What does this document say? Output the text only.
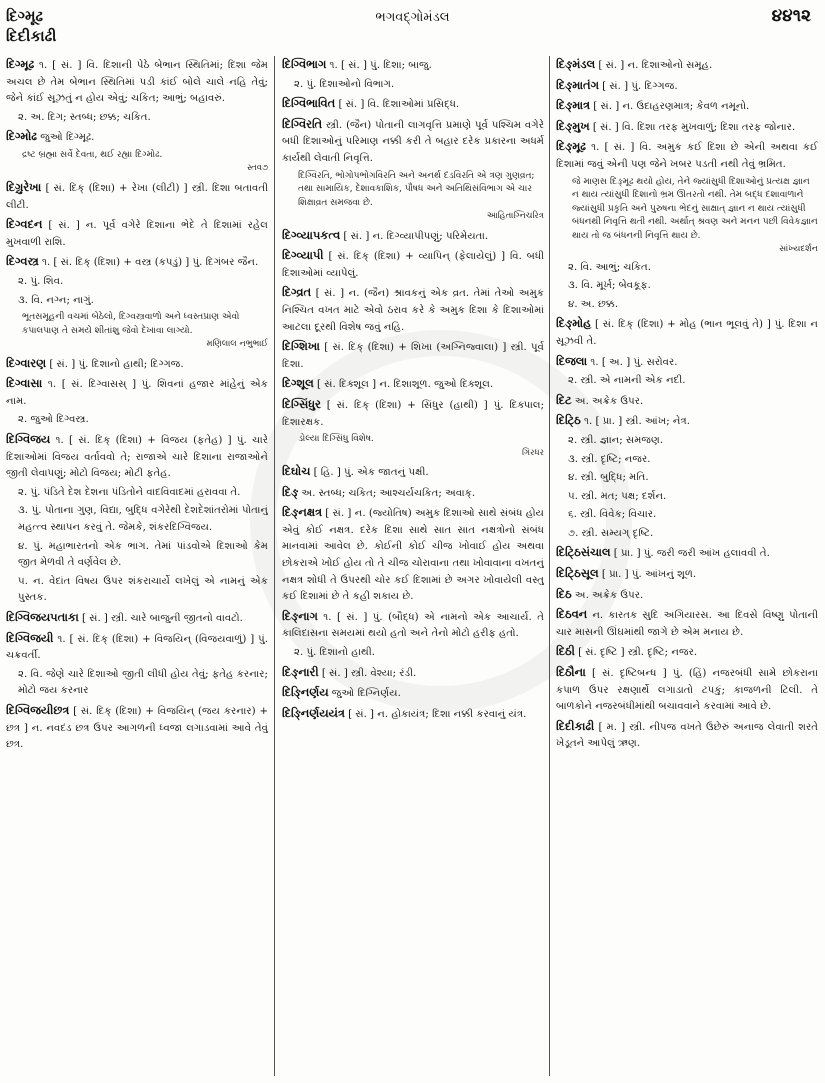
દિગ્મૂઢ
દિદીકાઢી
ભગવદ્ગોમંડલ	૪૪૧૨
દિગ્મૂઢ ૧. [ સં. ] વિ. દિશાની પેઠે બેભાન સ્થિતિમાં; દિશા જેમ અચલ છે તેમ બેભાન સ્થિતિમાં પડી કાંઈ બોલે ચાલે નહિ તેવું; જેને કાંઈ સૂઝતું ન હોય એવું; ચકિત; આભું; બહાવરું.
૨. અ. દિગ; સ્તબ્ધ; છક્ક; ચકિત.
દિગ્મોઢ જુઓ દિગ્મૂઢ.
દ્રષ્ટ બ્રહ્મા સર્વે દેવતા, થઈ રહ્યા દિગ્મોઢ.
સ્તવ૭
દિગ્રુરેખા [ સં. દિક્ (દિશા) + રેખા (લીટી) ] સ્ત્રી. દિશા બતાવતી લીટી.
દિગ્વદન [ સં. ] ન. પૂર્વ વગેરે દિશાના ભેદે તે દિશામાં રહેલ મુખવાળી રાશિ.
દિગ્વસ્ત્ર ૧. [ સં. દિક્ (દિશા) + વસ્ત્ર (કપડું) ] પું. દિગંબર જૈન.
૨. પું. શિવ.
૩. વિ. નગ્ન; નાગું.
ભૂતસમૂહની વચમાં બેઠેલો, દિગ્વસ્ત્રવાળો અને ધ્વસ્તપ્રાણ એવો કપાલપાણ તે સમયે શીતાંશુ જેવો દેખાવા લાગ્યો.
મણિલાલ નભુભાઈ
દિગ્વારણ [ સં. ] પું. દિશાનો હાથી; દિગ્ગજ.
દિગ્વાસા ૧. [ સં. દિગ્વાસસ્ ] પું. શિવનાં હજાર માંહેનું એક નામ.
૨. જુઓ દિગ્વસ્ત્ર.
દિગ્વિજય ૧. [ સં. દિક્ (દિશા) + વિજય (ફતેહ) ] પું. ચારે દિશાઓમાં વિજય વર્તાવવો તે; રાજાએ ચારે દિશાના રાજાઓને જીતી લેવાપણું; મોટો વિજય; મોટી ફતેહ.
૨. પું. પંડિતે દેશ દેશના પંડિતોને વાદવિવાદમાં હરાવવા તે.
૩. પું. પોતાના ગુણ, વિદ્યા, બુદ્ધિ વગેરેથી દેશદેશાંતરોમાં પોતાનું મહત્ત્વ સ્થાપન કરવું તે. જેમકે, શંકરદિગ્વિજય.
૪. પું. મહાભારતનો એક ભાગ. તેમાં પાંડવોએ દિશાઓ કેમ જીત મેળવી તે વર્ણવેલ છે.
૫. ન. વેદાંત વિષય ઉપર શંકરાચાર્યે લખેલું એ નામનું એક પુસ્તક.
દિગ્વિજયપતાકા [ સં. ] સ્ત્રી. ચારે બાજુની જીતનો વાવટો.
દિગ્વિજયી ૧. [ સં. દિક્ (દિશા) + વિજયિન્ (વિજયવાળું) ] પું. ચક્રવર્તી.
૨. વિ. જેણે ચારે દિશાઓ જીતી લીધી હોય તેવું; ફતેહ કરનાર; મોટો જય કરનાર
દિગ્વિજયીછત્ર [ સં. દિક્ (દિશા) + વિજયિન્ (જય કરનાર) + છત્ર ] ન. નવદંડ છત્ર ઉપર આગળની ધ્વજા લગાડવામાં આવે તેવું છત્ર.
દિગ્વિભાગ ૧. [ સં. ] પું. દિશા; બાજુ.
૨. પું. દિશાઓનો વિભાગ.
દિગ્વિભાવિત [ સં. ] વિ. દિશાઓમાં પ્રસિદ્ધ.
દિગ્વિરતિ સ્ત્રી. (જૈન) પોતાની લાગવૃત્તિ પ્રમાણે પૂર્વ પશ્ચિમ વગેરે બધી દિશાઓનું પરિમાણ નક્કી કરી તે બહાર દરેક પ્રકારના અધર્મ કાર્યથી લેવાતી નિવૃત્તિ.
દિગ્વિરતિ, ભોગોપભોગવિરતિ અને અનર્થ દંડવિરતિ એ ત્રણ ગુણવ્રત; તથા સામાયિક, દેશાવકાશિક, પૌષધ અને અતિથિસંવિભાગ એ ચાર શિક્ષાવ્રત સમજવા છે.
આહિતાગ્નિચરિત્ર
દિગ્વ્યાપકત્વ [ સં. ] ન. દિગ્વ્યાપીપણું; પરિમેયતા.
દિગ્વ્યાપી [ સં. દિક્ (દિશા) + વ્યાપિન્ (ફેલાયેલું) ] વિ. બધી દિશાઓમાં વ્યાપેલું.
દિગ્વ્રત [ સં. ] ન. (જૈન) શ્રાવકનું એક વ્રત. તેમાં તેઓ અમુક નિશ્ચિત વખત માટે એવો ઠરાવ કરે કે અમુક દિશા કે દિશાઓમાં આટલા દૂરથી વિશેષ જવું નહિ.
દિગ્શિખા [ સં. દિક્ (દિશા) + શિખા (અગ્નિજ્વાલા) ] સ્ત્રી. પૂર્વ દિશા.
દિગ્શૂલ [ સં. દિક્શૂલ ] ન. દિશાશૂળ. જુઓ દિક્શૂલ.
દિગ્સિંધુર [ સં. દિક્ (દિશા) + સિંધુર (હાથી) ] પું. દિક્પાલ; દિશારક્ષક.
ડોલ્યા દિગ્સિંધુ વિશેષ.
ગિરધર
દિઘોચ [ હિ. ] પું. એક જાતનું પક્ષી.
દિઙ્ અ. સ્તબ્ધ; ચકિત; આશ્ચર્યચકિત; અવાક્.
દિઙ્નક્ષત્ર [ સં. ] ન. (જ્યોતિષ) અમુક દિશાઓ સાથે સંબંધ હોય એવું કોઈ નક્ષત્ર. દરેક દિશા સાથે સાત સાત નક્ષત્રોનો સંબંધ માનવામાં આવેલ છે. કોઈની કોઈ ચીજ ખોવાઈ હોય અથવા છોકરાએ ખોઈ હોય તો તે ચીજ ચોરાવાના તથા ખોવાવાના વખતનું નક્ષત્ર શોધી તે ઉપરથી ચોર કઈ દિશામાં છે અગર ખોવાયેલી વસ્તુ કઈ દિશામાં છે તે કહી શકાય છે.
દિઙ્નાગ ૧. [ સં. ] પું. (બૌદ્ધ) એ નામનો એક આચાર્ય. તે કાલિદાસના સમયમાં થયો હતો અને તેનો મોટો હરીફ હતો.
૨. પું. દિશાનો હાથી.
દિઙ્નારી [ સં. ] સ્ત્રી. વેશ્યા; રંડી.
દિઙ્નિર્ણય જુઓ દિગ્નિર્ણય.
દિઙ્નિર્ણયયંત્ર [ સં. ] ન. હોકાયંત્ર; દિશા નક્કી કરવાનું યંત્ર.
દિઙ્મંડલ [ સં. ] ન. દિશાઓનો સમૂહ.
દિઙ્માતંગ [ સં. ] પું. દિગ્ગજ.
દિઙ્માત્ર [ સં. ] ન. ઉદાહરણમાત્ર; કેવળ નમૂનો.
દિઙ્મુખ [ સં. ] વિ. દિશા તરફ મુખવાળું; દિશા તરફ જોનાર.
દિઙ્મૂઢ ૧. [ સં. ] વિ. અમુક કઈ દિશા છે એની અથવા કઈ દિશામાં જવું એની પણ જેને ખબર પડતી નથી તેવું ભ્રમિત.
જે માણસ દિઙ્મૂઢ થયો હોય, તેને જ્યાંસુધી દિશાઓનું પ્રત્યક્ષ જ્ઞાન ન થાય ત્યાંસુધી દિશાનો ભ્રમ ઊતરતો નથી. તેમ બદ્ધ દશાવાળાને જ્યાંસુધી પ્રકૃતિ અને પુરુષના ભેદનું સાક્ષાત્ જ્ઞાન ન થાય ત્યાંસુધી બંધનથી નિવૃત્તિ થતી નથી. અર્થાત્ શ્રવણ અને મનન પછી વિવેકજ્ઞાન થાય તો જ બંધનની નિવૃત્તિ થાય છે.
સાંખ્યદર્શન
૨. વિ. આભું; ચકિત.
૩. વિ. મૂર્ખ; બેવકૂફ.
૪. અ. છક્ક.
દિઙ્મોહ [ સં. દિક્ (દિશા) + મોહ (ભાન ભૂલવું તે) ] પું. દિશા ન સૂઝવી તે.
દિજલા ૧. [ અ. ] પું. સરોવર.
૨. સ્ત્રી. એ નામની એક નદી.
દિટ અ. અક્રેક ઉપર.
દિટ્ઠિ ૧. [ પ્રા. ] સ્ત્રી. આંખ; નેત્ર.
૨. સ્ત્રી. જ્ઞાન; સમજણ.
૩. સ્ત્રી. દૃષ્ટિ; નજર.
૪. સ્ત્રી. બુદ્ધિ; મતિ.
૫. સ્ત્રી. મત; પક્ષ; દર્શન.
૬. સ્ત્રી. વિવેક; વિચાર.
૭. સ્ત્રી. સમ્યગ્ દૃષ્ટિ.
દિટ્ઠિસંચાલ [ પ્રા. ] પું. જરી જરી આંખ હલાવવી તે.
દિટ્ઠિસૂલ [ પ્રા. ] પું. આંખનું શૂળ.
દિઠ અ. અક્રેક ઉપર.
દિઠવન ન. કારતક સુદિ અગિયારસ. આ દિવસે વિષ્ણુ પોતાની ચાર માસની ઊંઘમાંથી જાગે છે એમ મનાય છે.
દિઠી [ સં. દૃષ્ટિ ] સ્ત્રી. દૃષ્ટિ; નજર.
દિઠૌના [ સં. દૃષ્ટિબન્ધ ] પું. (હિં) નજરબંધી સામે છોકરાના કપાળ ઉપર રક્ષણાર્થે લગાડાતો ટપકું; કાજળની ટિલી. તે બાળકોને નજરબંધીમાંથી બચાવવાને કરવામાં આવે છે.
દિદીકાઢી [ મ. ] સ્ત્રી. નીપજ વખતે ઉછેરું અનાજ લેવાતી શરતે ખેડૂતને આપેલું ઋણ.
